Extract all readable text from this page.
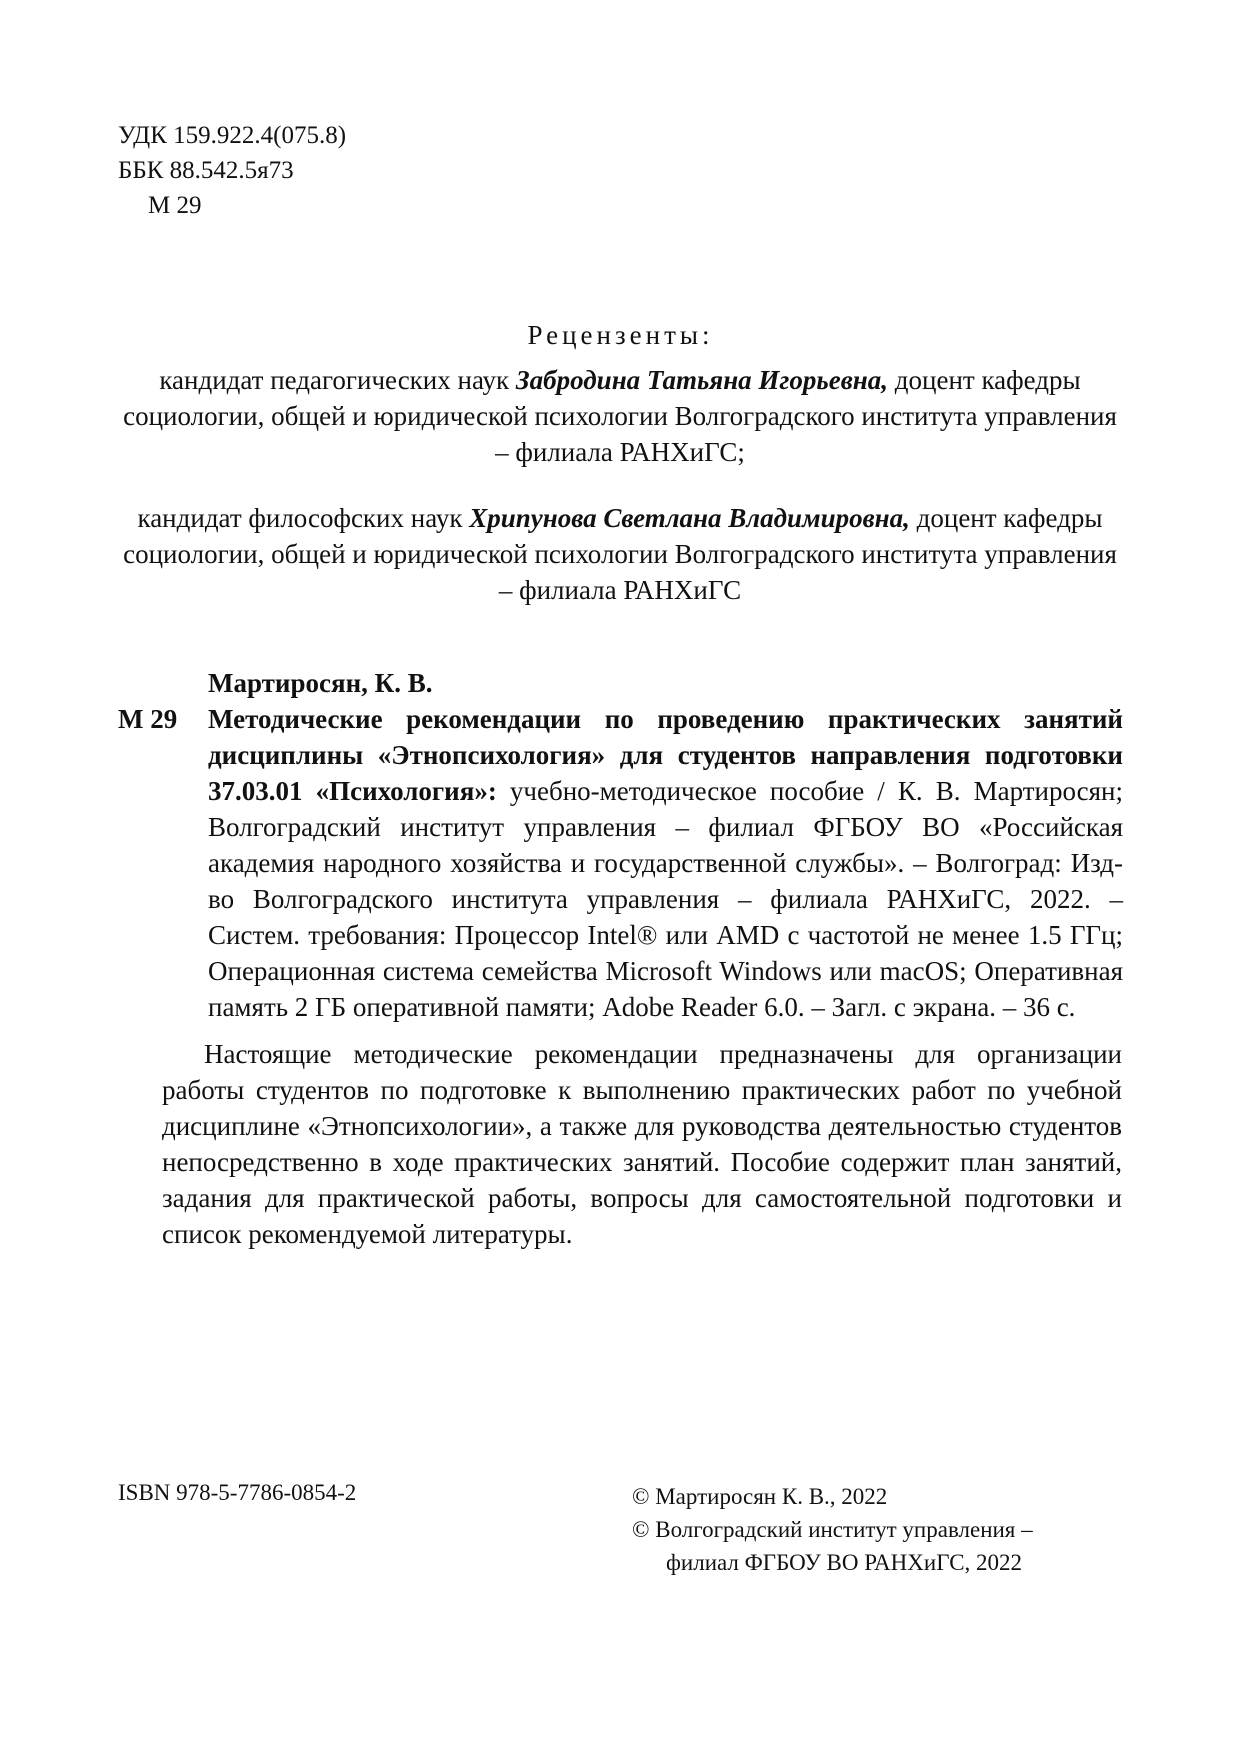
УДК 159.922.4(075.8)
ББК 88.542.5я73
М 29
Рецензенты:
кандидат педагогических наук Забродина Татьяна Игорьевна, доцент кафедры социологии, общей и юридической психологии Волгоградского института управления – филиала РАНХиГС;
кандидат философских наук Хрипунова Светлана Владимировна, доцент кафедры социологии, общей и юридической психологии Волгоградского института управления – филиала РАНХиГС
Мартиросян, К. В.
М 29	Методические рекомендации по проведению практических занятий дисциплины «Этнопсихология» для студентов направления подготовки 37.03.01 «Психология»: учебно-методическое пособие / К. В. Мартиросян; Волгоградский институт управления – филиал ФГБОУ ВО «Российская академия народного хозяйства и государственной службы». – Волгоград: Изд-во Волгоградского института управления – филиала РАНХиГС, 2022. – Систем. требования: Процессор Intel® или AMD с частотой не менее 1.5 ГГц; Операционная система семейства Microsoft Windows или macOS; Оперативная память 2 ГБ оперативной памяти; Adobe Reader 6.0. – Загл. с экрана. – 36 с.

Настоящие методические рекомендации предназначены для организации работы студентов по подготовке к выполнению практических работ по учебной дисциплине «Этнопсихологии», а также для руководства деятельностью студентов непосредственно в ходе практических занятий. Пособие содержит план занятий, задания для практической работы, вопросы для самостоятельной подготовки и список рекомендуемой литературы.

ISBN 978-5-7786-0854-2	© Мартиросян К. В., 2022
© Волгоградский институт управления –
филиал ФГБОУ ВО РАНХиГС, 2022
